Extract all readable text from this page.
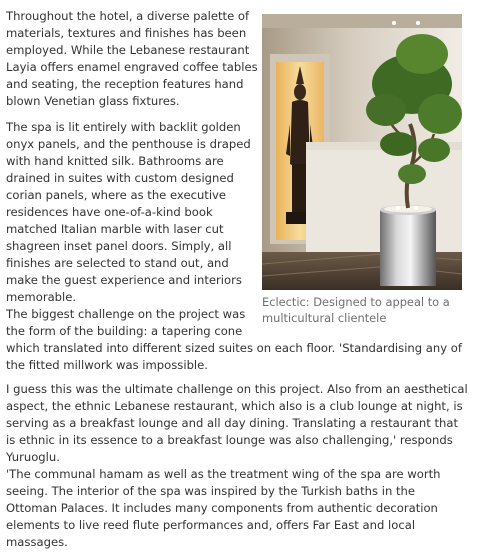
Throughout the hotel, a diverse palette of materials, textures and finishes has been employed. While the Lebanese restaurant Layia offers enamel engraved coffee tables and seating, the reception features hand blown Venetian glass fixtures.

The spa is lit entirely with backlit golden onyx panels, and the penthouse is draped with hand knitted silk. Bathrooms are drained in suites with custom designed corian panels, where as the executive residences have one-of-a-kind book matched Italian marble with laser cut shagreen inset panel doors. Simply, all finishes are selected to stand out, and make the guest experience and interiors memorable.

The biggest challenge on the project was the form of the building: a tapering cone

which translated into different sized suites on each floor. 'Standardising any of the fitted millwork was impossible.

I guess this was the ultimate challenge on this project. Also from an aesthetical aspect, the ethnic Lebanese restaurant, which also is a club lounge at night, is serving as a breakfast lounge and all day dining. Translating a restaurant that is ethnic in its essence to a breakfast lounge was also challenging,' responds Yuruoglu.

'The communal hamam as well as the treatment wing of the spa are worth seeing. The interior of the spa was inspired by the Turkish baths in the Ottoman Palaces. It includes many components from authentic decoration elements to live reed flute performances and, offers Far East and local massages.

Eclectic: Designed to appeal to a multicultural clientele
